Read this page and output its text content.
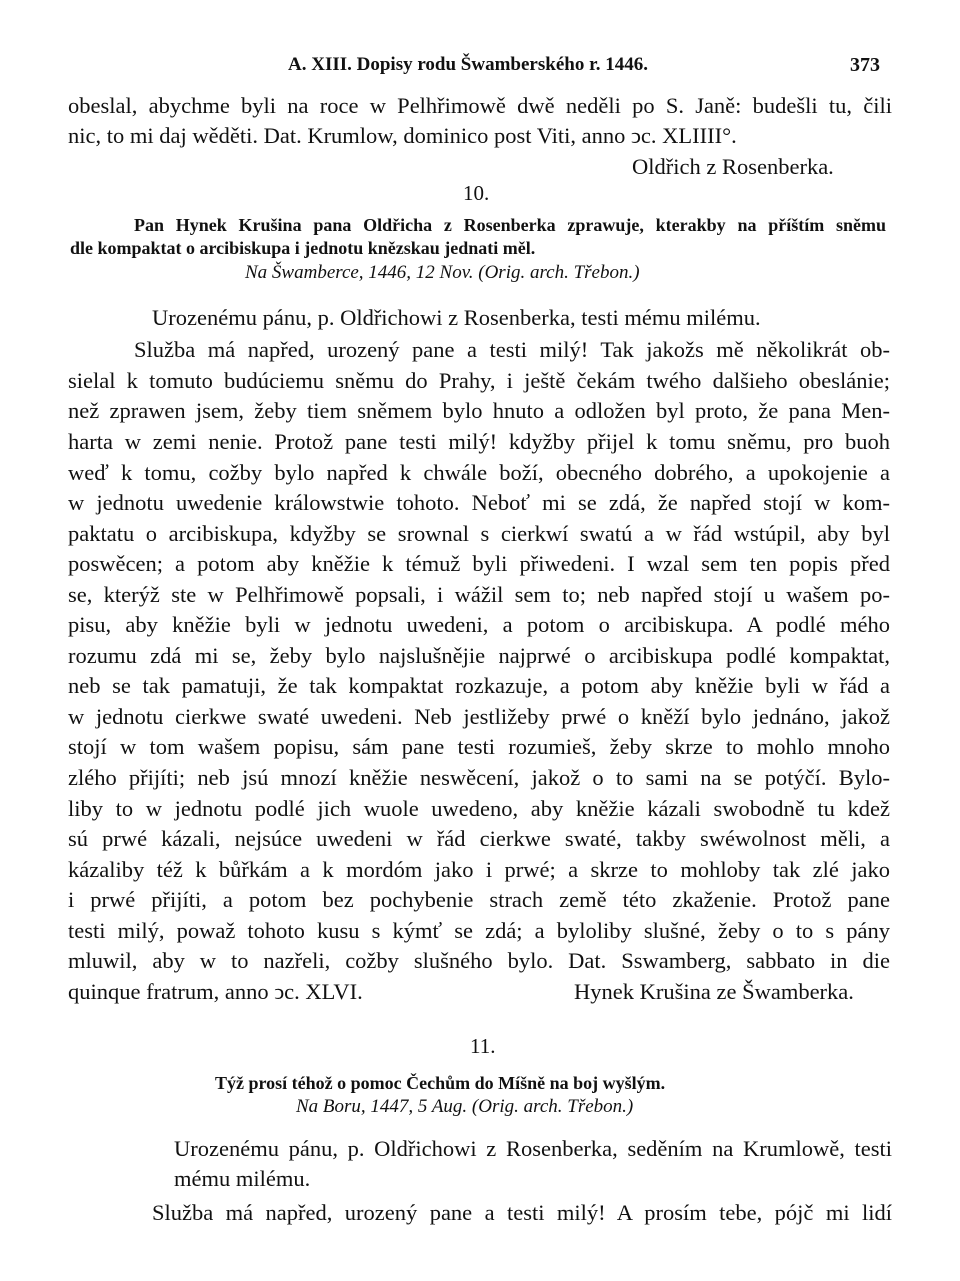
A. XIII. Dopisy rodu Šwamberského r. 1446.	373
obeslal, abychme byli na roce w Pelhřimowě dwě neděli po S. Janě: budešli tu, čili
nic, to mi daj wěděti. Dat. Krumlow, dominico post Viti, anno ↄc. XLIIII°.
Oldřich z Rosenberka.
10.
Pan Hynek Krušina pana Oldřicha z Rosenberka zprawuje, kterakby na příštím sněmu
dle kompaktat o arcibiskupa i jednotu knězskau jednati měl.
Na Šwamberce, 1446, 12 Nov. (Orig. arch. Třebon.)
Urozenému pánu, p. Oldřichowi z Rosenberka, testi mému milému.
Služba má napřed, urozený pane a testi milý! Tak jakožs mě několikrát ob-
sielal k tomuto budúciemu sněmu do Prahy, i ještě čekám twého dalšieho obeslánie;
než zprawen jsem, žeby tiem sněmem bylo hnuto a odložen byl proto, že pana Men-
harta w zemi nenie. Protož pane testi milý! kdyžby přijel k tomu sněmu, pro buoh
weď k tomu, cožby bylo napřed k chwále boží, obecného dobrého, a upokojenie a
w jednotu uwedenie králowstwie tohoto. Neboť mi se zdá, že napřed stojí w kom-
paktatu o arcibiskupa, kdyžby se srownal s cierkwí swatú a w řád wstúpil, aby byl
poswěcen; a potom aby kněžie k témuž byli přiwedeni. I wzal sem ten popis před
se, kterýž ste w Pelhřimowě popsali, i wážil sem to; neb napřed stojí u wašem po-
pisu, aby kněžie byli w jednotu uwedeni, a potom o arcibiskupa. A podlé mého
rozumu zdá mi se, žeby bylo najslušnějie najprwé o arcibiskupa podlé kompaktat,
neb se tak pamatuji, že tak kompaktat rozkazuje, a potom aby kněžie byli w řád a
w jednotu cierkwe swaté uwedeni. Neb jestližeby prwé o kněží bylo jednáno, jakož
stojí w tom wašem popisu, sám pane testi rozumieš, žeby skrze to mohlo mnoho
zlého přijíti; neb jsú mnozí kněžie neswěcení, jakož o to sami na se potýčí. Bylo-
liby to w jednotu podlé jich wuole uwedeno, aby kněžie kázali swobodně tu kdež
sú prwé kázali, nejsúce uwedeni w řád cierkwe swaté, takby swéwolnost měli, a
kázaliby též k bůřkám a k mordóm jako i prwé; a skrze to mohloby tak zlé jako
i prwé přijíti, a potom bez pochybenie strach země této zkaženie. Protož pane
testi milý, powaž tohoto kusu s kýmť se zdá; a byloliby slušné, žeby o to s pány
mluwil, aby w to nazřeli, cožby slušného bylo. Dat. Sswamberg, sabbato in die
quinque fratrum, anno ↄc. XLVI.	Hynek Krušina ze Šwamberka.
11.
Týž prosí téhož o pomoc Čechům do Míšně na boj wyšlým.
Na Boru, 1447, 5 Aug. (Orig. arch. Třebon.)
Urozenému pánu, p. Oldřichowi z Rosenberka, seděním na Krumlowě, testi
mému milému.
Služba má napřed, urozený pane a testi milý! A prosím tebe, pójč mi lidí
